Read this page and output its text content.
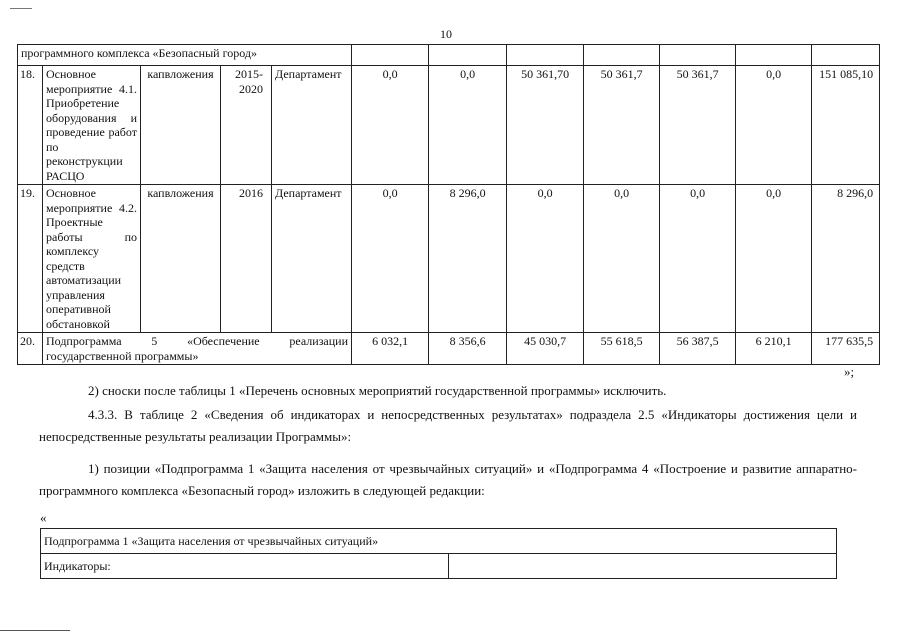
10
программного комплекса «Безопасный город»											
18.	Основное мероприятие 4.1. Приобретение оборудования и проведение работ по реконструкции РАСЦО	капвложения	2015-2020	Департамент	0,0	0,0	50 361,70	50 361,7	50 361,7	0,0	151 085,10
19.	Основное мероприятие 4.2. Проектные работы по комплексу средств автоматизации управления оперативной обстановкой	капвложения	2016	Департамент	0,0	8 296,0	0,0	0,0	0,0	0,0	8 296,0
20.	Подпрограмма 5 «Обеспечение реализации
государственной программы»				6 032,1	8 356,6	45 030,7	55 618,5	56 387,5	6 210,1	177 635,5
»;
2) сноски после таблицы 1 «Перечень основных мероприятий государственной программы» исключить.
4.3.3. В таблице 2 «Сведения об индикаторах и непосредственных результатах» подраздела 2.5 «Индикаторы достижения цели и непосредственные результаты реализации Программы»:
1) позиции «Подпрограмма 1 «Защита населения от чрезвычайных ситуаций» и «Подпрограмма 4 «Построение и развитие аппаратно-программного комплекса «Безопасный город» изложить в следующей редакции:
«
Подпрограмма 1 «Защита населения от чрезвычайных ситуаций»
Индикаторы:	
